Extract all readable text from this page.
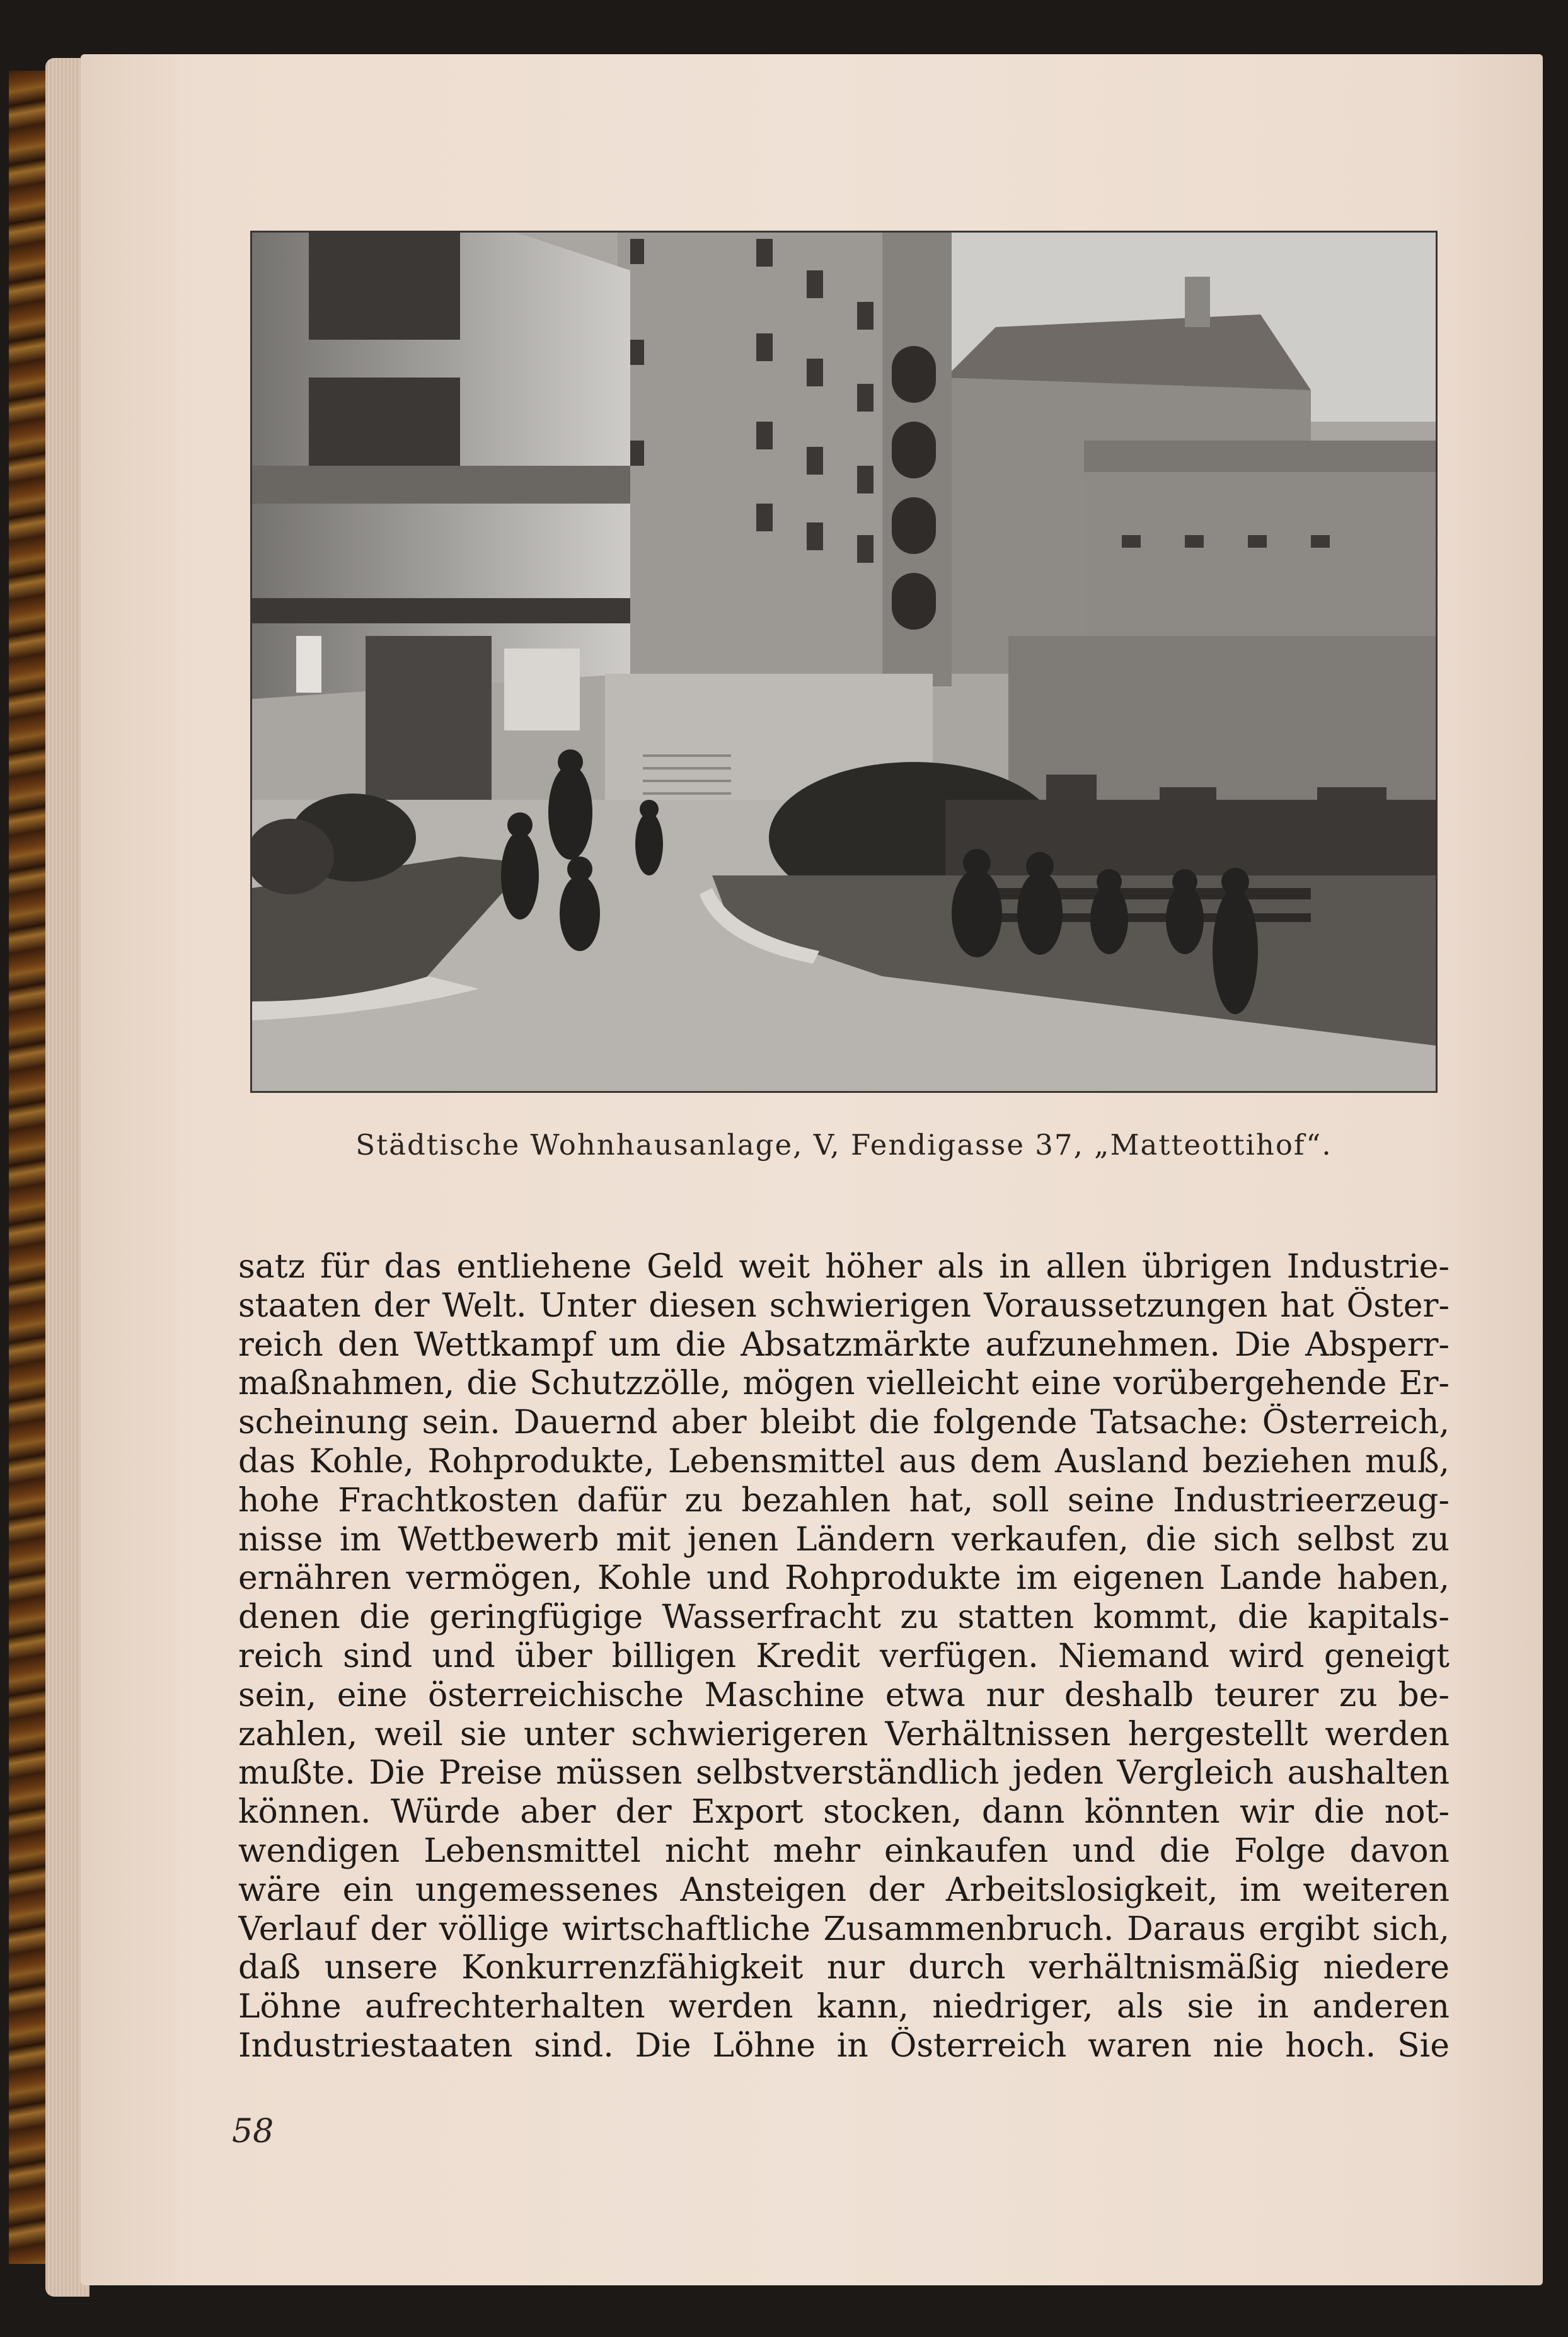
Städtische Wohnhausanlage, V, Fendigasse 37, „Matteottihof“.
satz für das entliehene Geld weit höher als in allen übrigen Industrie-
staaten der Welt. Unter diesen schwierigen Voraussetzungen hat Öster-
reich den Wettkampf um die Absatzmärkte aufzunehmen. Die Absperr-
maßnahmen, die Schutzzölle, mögen vielleicht eine vorübergehende Er-
scheinung sein. Dauernd aber bleibt die folgende Tatsache: Österreich,
das Kohle, Rohprodukte, Lebensmittel aus dem Ausland beziehen muß,
hohe Frachtkosten dafür zu bezahlen hat, soll seine Industrieerzeug-
nisse im Wettbewerb mit jenen Ländern verkaufen, die sich selbst zu
ernähren vermögen, Kohle und Rohprodukte im eigenen Lande haben,
denen die geringfügige Wasserfracht zu statten kommt, die kapitals-
reich sind und über billigen Kredit verfügen. Niemand wird geneigt
sein, eine österreichische Maschine etwa nur deshalb teurer zu be-
zahlen, weil sie unter schwierigeren Verhältnissen hergestellt werden
mußte. Die Preise müssen selbstverständlich jeden Vergleich aushalten
können. Würde aber der Export stocken, dann könnten wir die not-
wendigen Lebensmittel nicht mehr einkaufen und die Folge davon
wäre ein ungemessenes Ansteigen der Arbeitslosigkeit, im weiteren
Verlauf der völlige wirtschaftliche Zusammenbruch. Daraus ergibt sich,
daß unsere Konkurrenzfähigkeit nur durch verhältnismäßig niedere
Löhne aufrechterhalten werden kann, niedriger, als sie in anderen
Industriestaaten sind. Die Löhne in Österreich waren nie hoch. Sie
58
